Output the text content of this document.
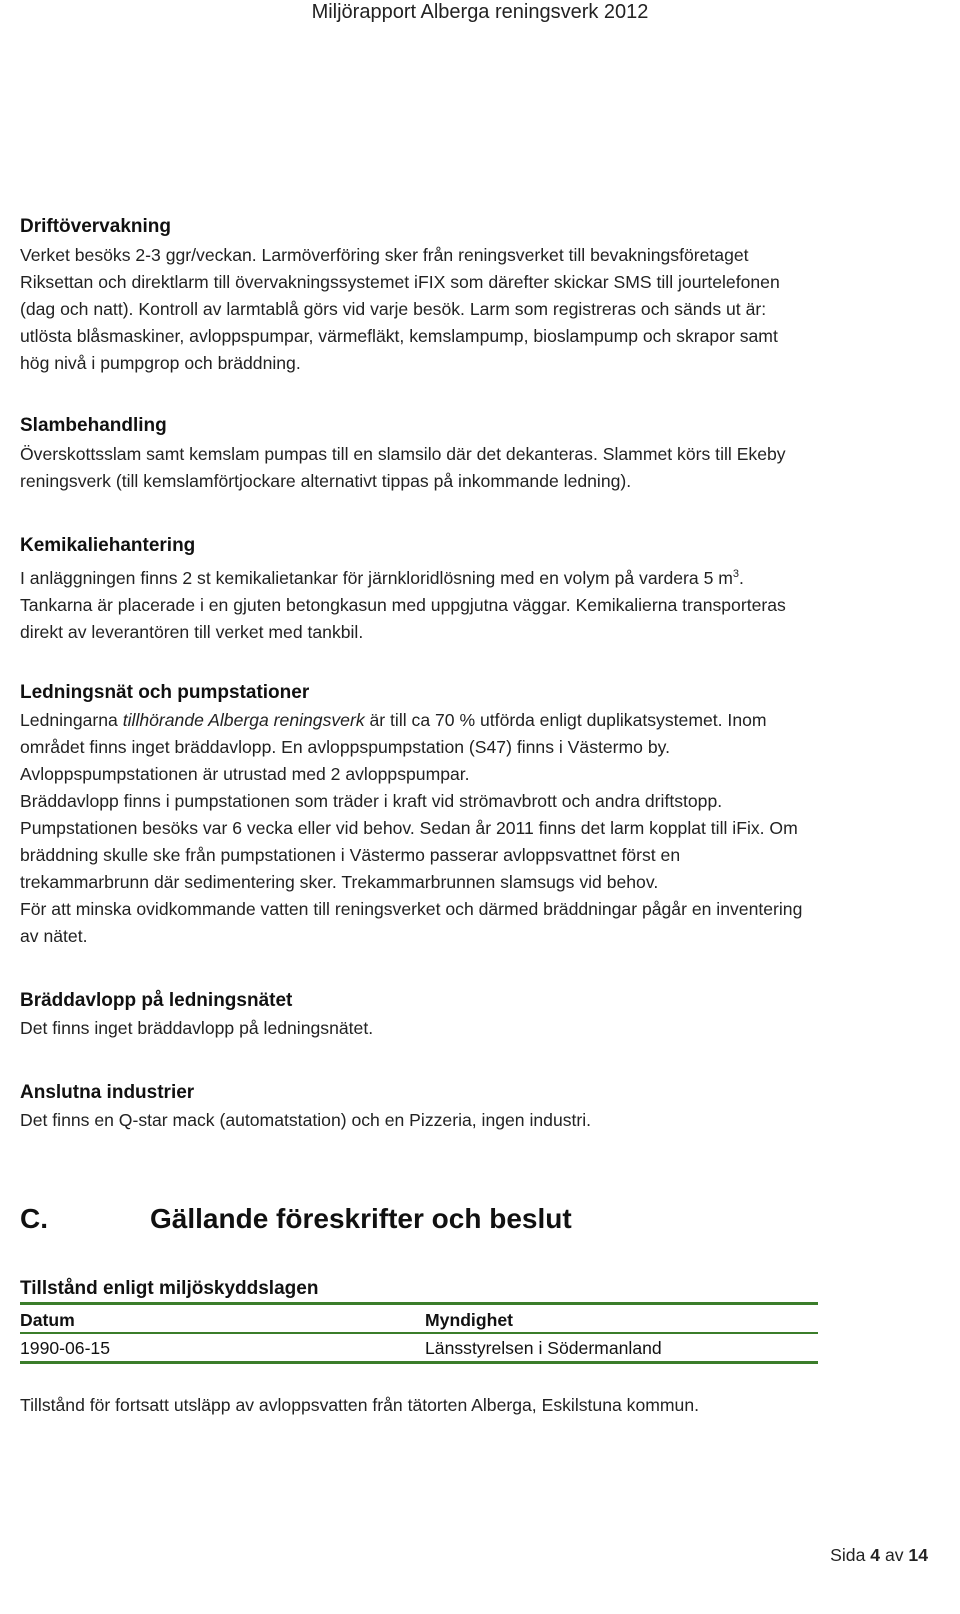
Miljörapport Alberga reningsverk 2012
Driftövervakning
Verket besöks 2-3 ggr/veckan. Larmöverföring sker från reningsverket till bevakningsföretaget
Riksettan och direktlarm till övervakningssystemet iFIX som därefter skickar SMS till jourtelefonen
(dag och natt). Kontroll av larmtablå görs vid varje besök. Larm som registreras och sänds ut är:
utlösta blåsmaskiner, avloppspumpar, värmefläkt, kemslampump, bioslampump och skrapor samt
hög nivå i pumpgrop och bräddning.
Slambehandling
Överskottsslam samt kemslam pumpas till en slamsilo där det dekanteras. Slammet körs till Ekeby
reningsverk (till kemslamförtjockare alternativt tippas på inkommande ledning).
Kemikaliehantering
I anläggningen finns 2 st kemikalietankar för järnkloridlösning med en volym på vardera 5 $m^3$.
Tankarna är placerade i en gjuten betongkasun med uppgjutna väggar. Kemikalierna transporteras
direkt av leverantören till verket med tankbil.
Ledningsnät och pumpstationer
Ledningarna tillhörande Alberga reningsverk är till ca 70 % utförda enligt duplikatsystemet. Inom
området finns inget bräddavlopp. En avloppspumpstation (S47) finns i Västermo by.
Avloppspumpstationen är utrustad med 2 avloppspumpar.
Bräddavlopp finns i pumpstationen som träder i kraft vid strömavbrott och andra driftstopp.
Pumpstationen besöks var 6 vecka eller vid behov. Sedan år 2011 finns det larm kopplat till iFix. Om
bräddning skulle ske från pumpstationen i Västermo passerar avloppsvattnet först en
trekammarbrunn där sedimentering sker. Trekammarbrunnen slamsugs vid behov.
För att minska ovidkommande vatten till reningsverket och därmed bräddningar pågår en inventering
av nätet.
Bräddavlopp på ledningsnätet
Det finns inget bräddavlopp på ledningsnätet.
Anslutna industrier
Det finns en Q-star mack (automatstation) och en Pizzeria, ingen industri.
C.	Gällande föreskrifter och beslut
Tillstånd enligt miljöskyddslagen
Datum	Myndighet
1990-06-15	Länsstyrelsen i Södermanland
Tillstånd för fortsatt utsläpp av avloppsvatten från tätorten Alberga, Eskilstuna kommun.
Sida 4 av 14
